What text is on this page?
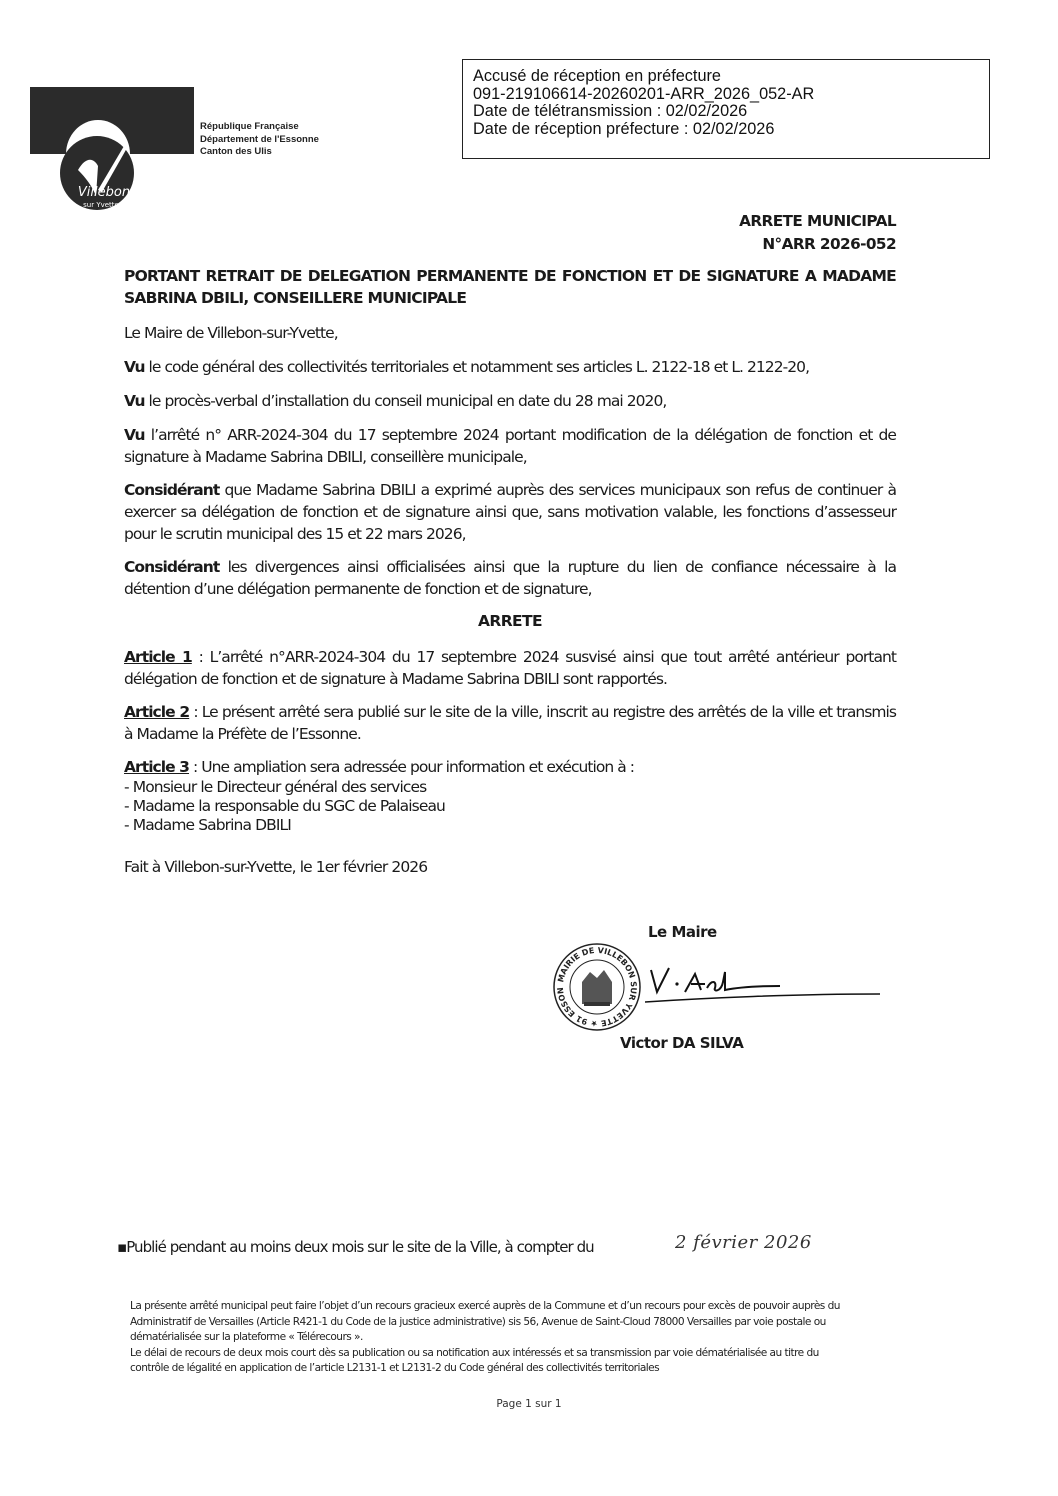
Villebon
sur Yvette
République Française
Département de l'Essonne
Canton des Ulis
Accusé de réception en préfecture
091-219106614-20260201-ARR_2026_052-AR
Date de télétransmission : 02/02/2026
Date de réception préfecture : 02/02/2026
ARRETE MUNICIPAL
N°ARR 2026-052
PORTANT RETRAIT DE DELEGATION PERMANENTE DE FONCTION ET DE SIGNATURE A MADAME SABRINA DBILI, CONSEILLERE MUNICIPALE
Le Maire de Villebon-sur-Yvette,
Vu le code général des collectivités territoriales et notamment ses articles L. 2122-18 et L. 2122-20,
Vu le procès-verbal d’installation du conseil municipal en date du 28 mai 2020,
Vu l’arrêté n° ARR-2024-304 du 17 septembre 2024 portant modification de la délégation de fonction et de signature à Madame Sabrina DBILI, conseillère municipale,
Considérant que Madame Sabrina DBILI a exprimé auprès des services municipaux son refus de continuer à exercer sa délégation de fonction et de signature ainsi que, sans motivation valable, les fonctions d’assesseur pour le scrutin municipal des 15 et 22 mars 2026,
Considérant les divergences ainsi officialisées ainsi que la rupture du lien de confiance nécessaire à la détention d’une délégation permanente de fonction et de signature,
ARRETE
Article 1 : L’arrêté n°ARR-2024-304 du 17 septembre 2024 susvisé ainsi que tout arrêté antérieur portant délégation de fonction et de signature à Madame Sabrina DBILI sont rapportés.
Article 2 : Le présent arrêté sera publié sur le site de la ville, inscrit au registre des arrêtés de la ville et transmis à Madame la Préfète de l’Essonne.
Article 3 : Une ampliation sera adressée pour information et exécution à :
- Monsieur le Directeur général des services
- Madame la responsable du SGC de Palaiseau
- Madame Sabrina DBILI
Fait à Villebon-sur-Yvette, le 1er février 2026
Le Maire
MAIRIE DE VILLEBON SUR YVETTE ★ 91 ESSON
Victor DA SILVA
▪Publié pendant au moins deux mois sur le site de la Ville, à compter du	2 février 2026
La présente arrêté municipal peut faire l’objet d’un recours gracieux exercé auprès de la Commune et d’un recours pour excès de pouvoir auprès du
Administratif de Versailles (Article R421-1 du Code de la justice administrative) sis 56, Avenue de Saint-Cloud 78000 Versailles par voie postale ou
dématérialisée sur la plateforme « Télérecours ».
Le délai de recours de deux mois court dès sa publication ou sa notification aux intéressés et sa transmission par voie dématérialisée au titre du
contrôle de légalité en application de l’article L2131-1 et L2131-2 du Code général des collectivités territoriales
Page 1 sur 1
